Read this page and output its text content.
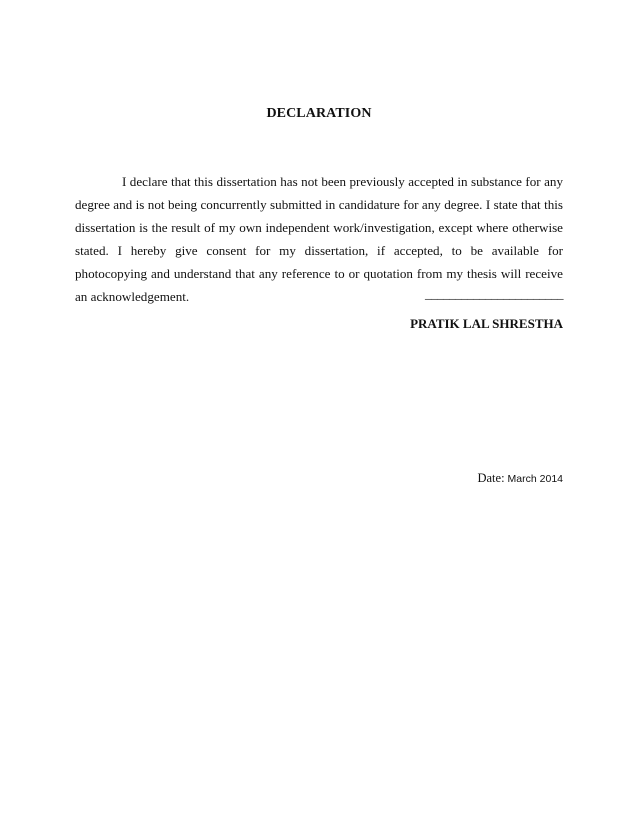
DECLARATION

I declare that this dissertation has not been previously accepted in substance for any degree and is not being concurrently submitted in candidature for any degree. I state that this dissertation is the result of my own independent work/investigation, except where otherwise stated. I hereby give consent for my dissertation, if accepted, to be available for photocopying and understand that any reference to or quotation from my thesis will receive an acknowledgement.	_______________________
PRATIK LAL SHRESTHA
Date: March 2014
